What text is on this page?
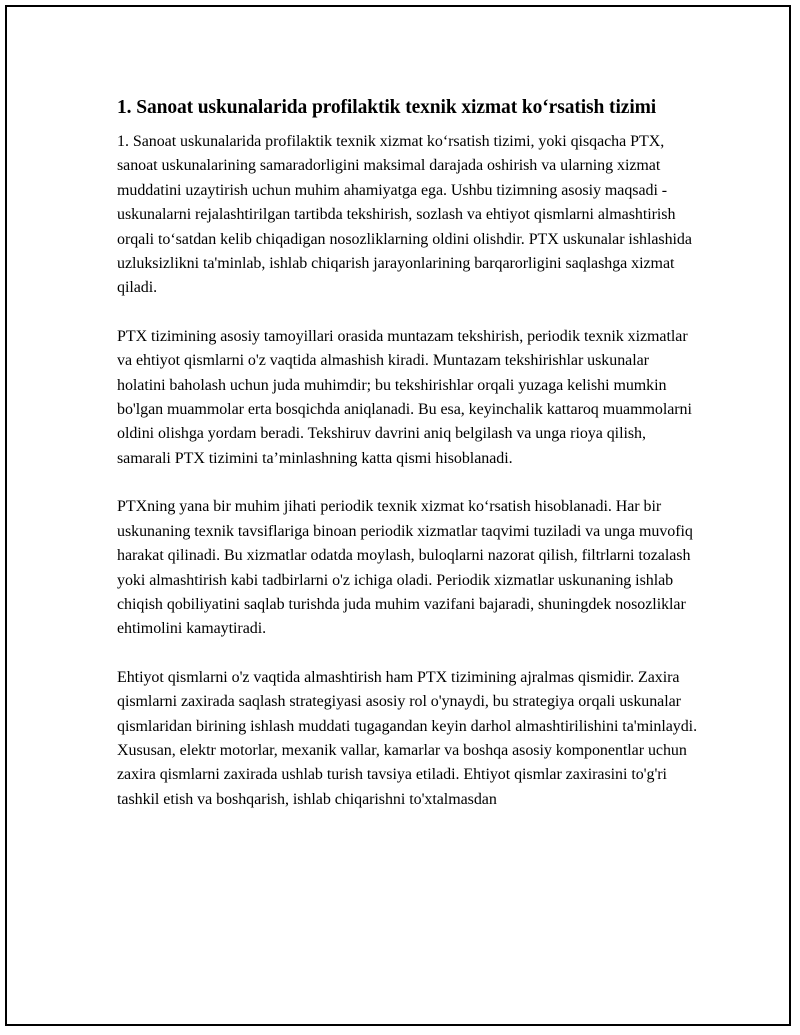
1. Sanoat uskunalarida profilaktik texnik xizmat ko‘rsatish tizimi

1. Sanoat uskunalarida profilaktik texnik xizmat ko‘rsatish tizimi, yoki qisqacha PTX, sanoat uskunalarining samaradorligini maksimal darajada oshirish va ularning xizmat muddatini uzaytirish uchun muhim ahamiyatga ega. Ushbu tizimning asosiy maqsadi - uskunalarni rejalashtirilgan tartibda tekshirish, sozlash va ehtiyot qismlarni almashtirish orqali to‘satdan kelib chiqadigan nosozliklarning oldini olishdir. PTX uskunalar ishlashida uzluksizlikni ta'minlab, ishlab chiqarish jarayonlarining barqarorligini saqlashga xizmat qiladi.

PTX tizimining asosiy tamoyillari orasida muntazam tekshirish, periodik texnik xizmatlar va ehtiyot qismlarni o'z vaqtida almashish kiradi. Muntazam tekshirishlar uskunalar holatini baholash uchun juda muhimdir; bu tekshirishlar orqali yuzaga kelishi mumkin bo'lgan muammolar erta bosqichda aniqlanadi. Bu esa, keyinchalik kattaroq muammolarni oldini olishga yordam beradi. Tekshiruv davrini aniq belgilash va unga rioya qilish, samarali PTX tizimini ta’minlashning katta qismi hisoblanadi.

PTXning yana bir muhim jihati periodik texnik xizmat ko‘rsatish hisoblanadi. Har bir uskunaning texnik tavsiflariga binoan periodik xizmatlar taqvimi tuziladi va unga muvofiq harakat qilinadi. Bu xizmatlar odatda moylash, buloqlarni nazorat qilish, filtrlarni tozalash yoki almashtirish kabi tadbirlarni o'z ichiga oladi. Periodik xizmatlar uskunaning ishlab chiqish qobiliyatini saqlab turishda juda muhim vazifani bajaradi, shuningdek nosozliklar ehtimolini kamaytiradi.

Ehtiyot qismlarni o'z vaqtida almashtirish ham PTX tizimining ajralmas qismidir. Zaxira qismlarni zaxirada saqlash strategiyasi asosiy rol o'ynaydi, bu strategiya orqali uskunalar qismlaridan birining ishlash muddati tugagandan keyin darhol almashtirilishini ta'minlaydi. Xususan, elektr motorlar, mexanik vallar, kamarlar va boshqa asosiy komponentlar uchun zaxira qismlarni zaxirada ushlab turish tavsiya etiladi. Ehtiyot qismlar zaxirasini to'g'ri tashkil etish va boshqarish, ishlab chiqarishni to'xtalmasdan
